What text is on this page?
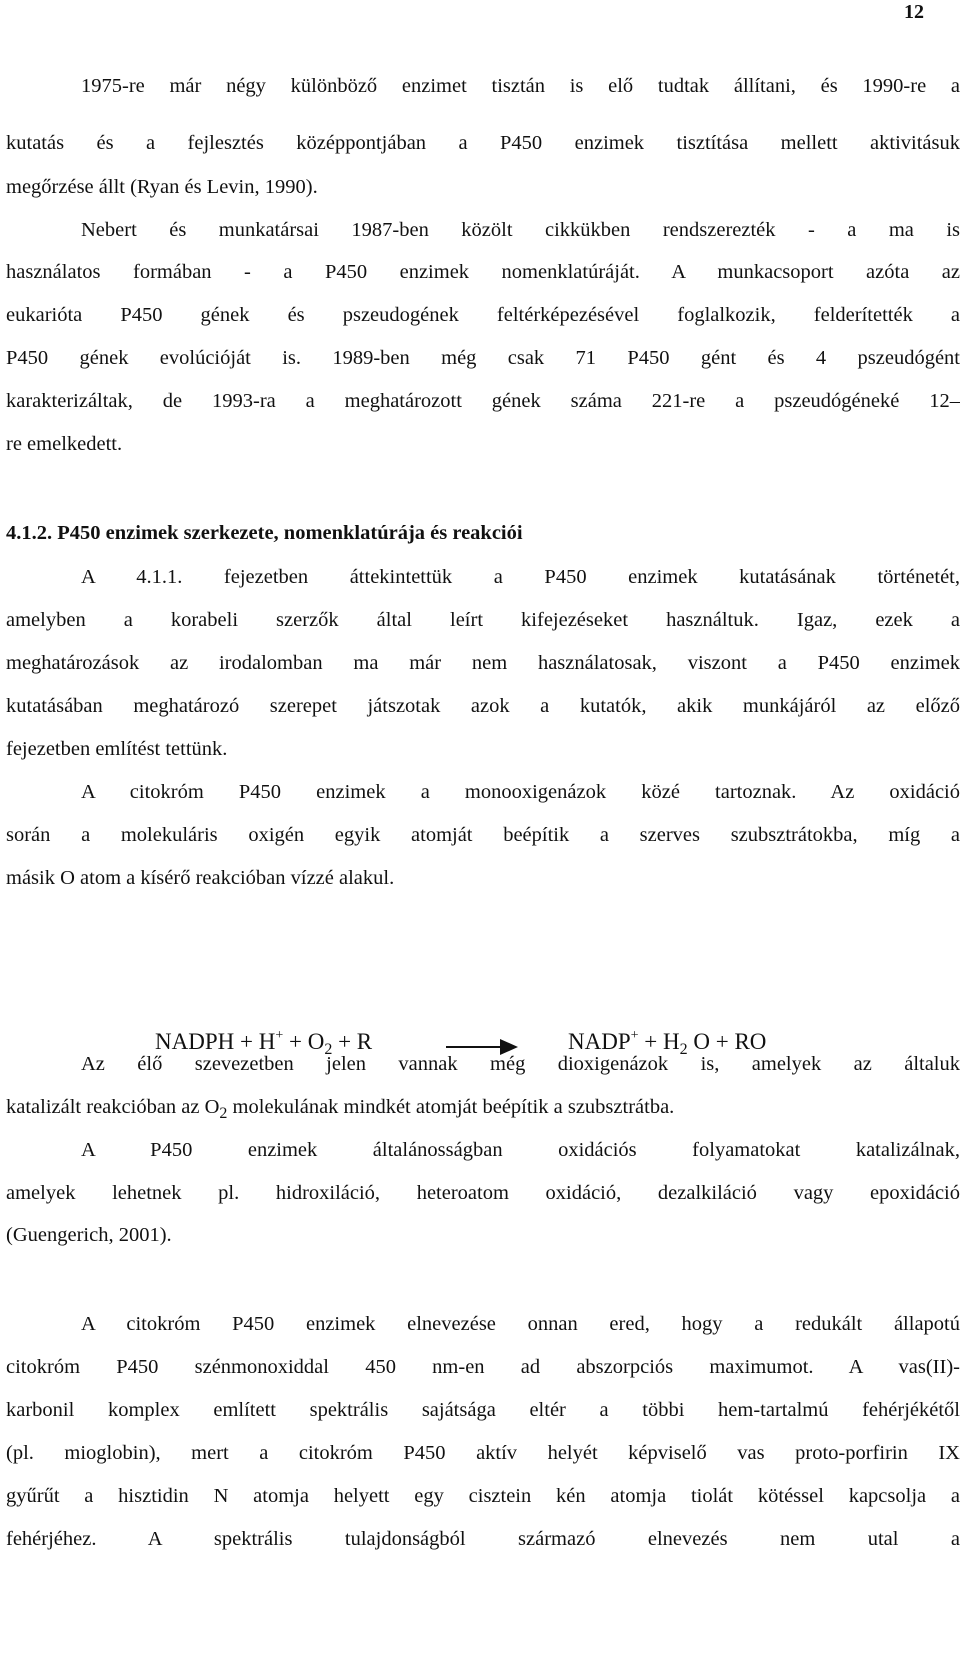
12
1975-re már négy különböző enzimet tisztán is elő tudtak állítani, és 1990-re a
kutatás és a fejlesztés középpontjában a P450 enzimek tisztítása mellett aktivitásuk
megőrzése állt (Ryan és Levin, 1990).
Nebert és munkatársai 1987-ben közölt cikkükben rendszerezték - a ma is
használatos formában - a P450 enzimek nomenklatúráját. A munkacsoport azóta az
eukarióta P450 gének és pszeudogének feltérképezésével foglalkozik, felderítették a
P450 gének evolúcióját is. 1989-ben még csak 71 P450 gént és 4 pszeudógént
karakterizáltak, de 1993-ra a meghatározott gének száma 221-re a pszeudógéneké 12–
re emelkedett.
4.1.2. P450 enzimek szerkezete, nomenklatúrája és reakciói
A 4.1.1. fejezetben áttekintettük a P450 enzimek kutatásának történetét,
amelyben a korabeli szerzők által leírt kifejezéseket használtuk. Igaz, ezek a
meghatározások az irodalomban ma már nem használatosak, viszont a P450 enzimek
kutatásában meghatározó szerepet játszotak azok a kutatók, akik munkájáról az előző
fejezetben említést tettünk.
A citokróm P450 enzimek a monooxigenázok közé tartoznak. Az oxidáció
során a molekuláris oxigén egyik atomját beépítik a szerves szubsztrátokba, míg a
másik O atom a kísérő reakcióban vízzé alakul.
NADPH + $H^+ + O_2 + R$	NADP+ + $H_2$ O + RO
Az élő szevezetben jelen vannak még dioxigenázok is, amelyek az általuk
katalizált reakcióban az $O_2$ molekulának mindkét atomját beépítik a szubsztrátba.
A P450 enzimek általánosságban oxidációs folyamatokat katalizálnak,
amelyek lehetnek pl. hidroxiláció, heteroatom oxidáció, dezalkiláció vagy epoxidáció
(Guengerich, 2001).
A citokróm P450 enzimek elnevezése onnan ered, hogy a redukált állapotú
citokróm P450 szénmonoxiddal 450 nm-en ad abszorpciós maximumot. A vas(II)-
karbonil komplex említett spektrális sajátsága eltér a többi hem-tartalmú fehérjékétől
(pl. mioglobin), mert a citokróm P450 aktív helyét képviselő vas proto-porfirin IX
gyűrűt a hisztidin N atomja helyett egy cisztein kén atomja tiolát kötéssel kapcsolja a
fehérjéhez. A spektrális tulajdonságból származó elnevezés nem utal a
